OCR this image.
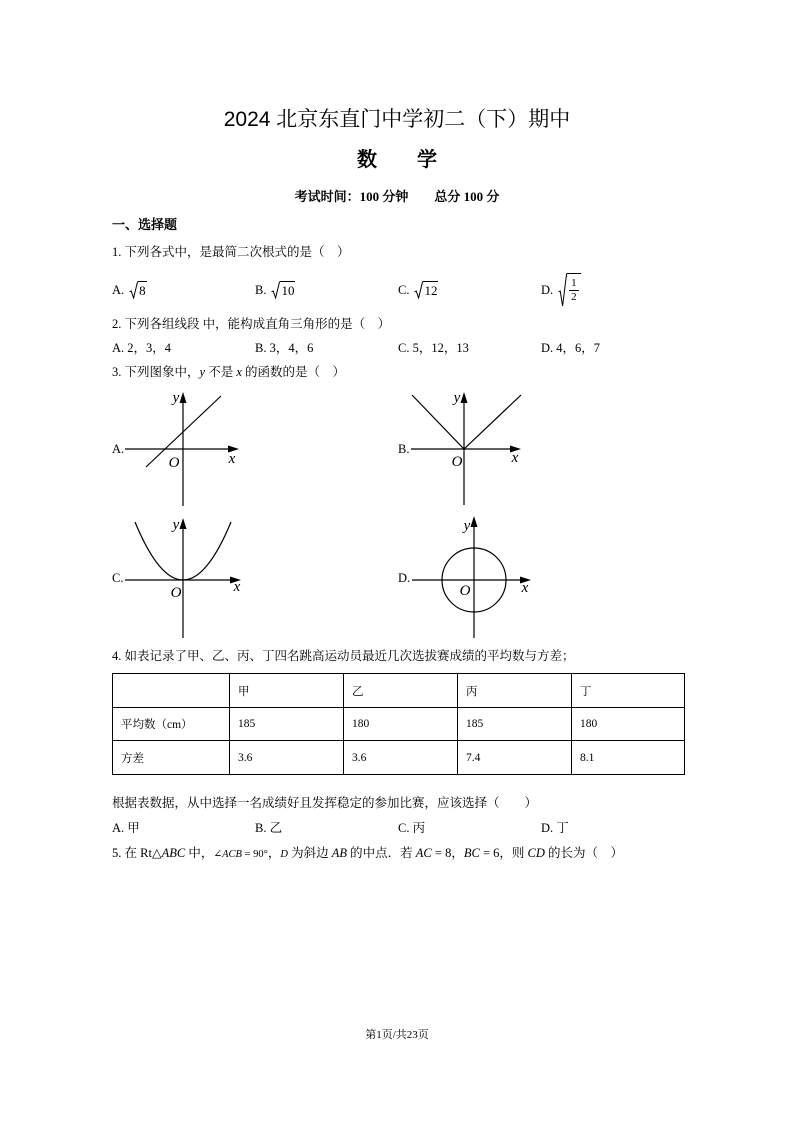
2024 北京东直门中学初二（下）期中
数　　学
考试时间：100 分钟　　总分 100 分
一、选择题
1. 下列各式中，是最简二次根式的是（　）
A. 8	B. 10	C. 12	D. $\frac{1}{2}$
2. 下列各组线段 中，能构成直角三角形的是（　）
A. 2，3，4	B. 3，4，6	C. 5，12，13	D. 4，6，7
3. 下列图象中，y 不是 x 的函数的是（　）
A.	B.
C.	D.
y
x
O
y
x
O
y
x
O
y
x
O
4. 如表记录了甲、乙、丙、丁四名跳高运动员最近几次选拔赛成绩的平均数与方差；
	甲	乙	丙	丁
平均数（cm）	185	180	185	180
方差	3.6	3.6	7.4	8.1
根据表数据，从中选择一名成绩好且发挥稳定的参加比赛，应该选择（　　）
A. 甲	B. 乙	C. 丙	D. 丁
5. 在 Rt△ABC 中，∠ACB = 90°，D 为斜边 AB 的中点．若 AC = 8，BC = 6，则 CD 的长为（　）
第1页/共23页
